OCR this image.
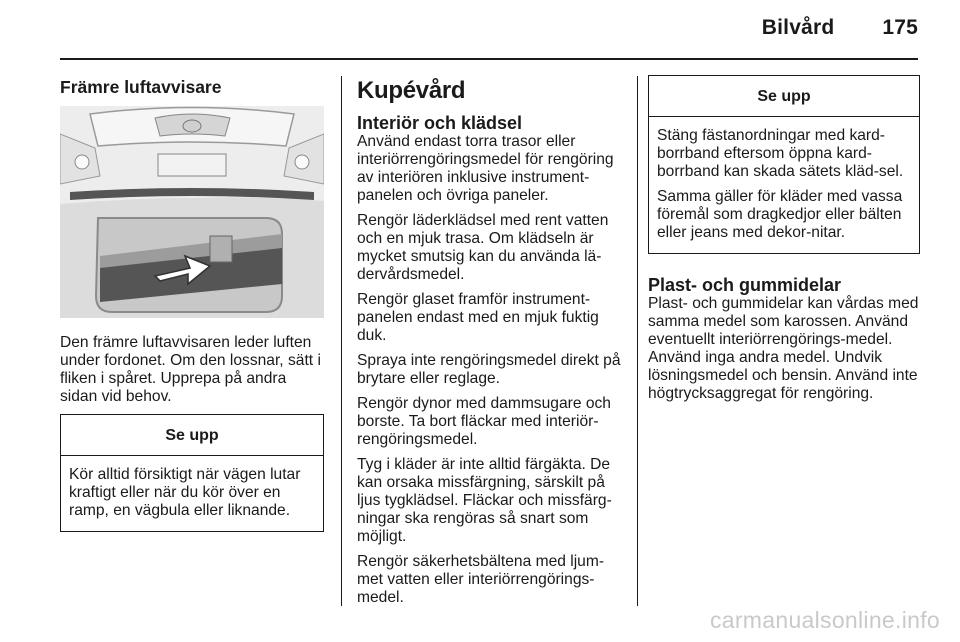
Bilvård 175
Främre luftavvisare

Den främre luftavvisaren leder luften under fordonet. Om den lossnar, sätt i fliken i spåret. Upprepa på andra sidan vid behov.

Se upp

Kör alltid försiktigt när vägen lutar kraftigt eller när du kör över en ramp, en vägbula eller liknande.

Kupévård
Interiör och klädsel

Använd endast torra trasor eller interiörrengöringsmedel för rengöring av interiören inklusive instrument-panelen och övriga paneler.

Rengör läderklädsel med rent vatten och en mjuk trasa. Om klädseln är mycket smutsig kan du använda lä-dervårdsmedel.

Rengör glaset framför instrument-panelen endast med en mjuk fuktig duk.

Spraya inte rengöringsmedel direkt på brytare eller reglage.

Rengör dynor med dammsugare och borste. Ta bort fläckar med interiör-rengöringsmedel.

Tyg i kläder är inte alltid färgäkta. De kan orsaka missfärgning, särskilt på ljus tygklädsel. Fläckar och missfärg-ningar ska rengöras så snart som möjligt.

Rengör säkerhetsbältena med ljum-met vatten eller interiörrengörings-medel.

Se upp

Stäng fästanordningar med kard-borrband eftersom öppna kard-borrband kan skada sätets kläd-sel.

Samma gäller för kläder med vassa föremål som dragkedjor eller bälten eller jeans med dekor-nitar.

Plast- och gummidelar

Plast- och gummidelar kan vårdas med samma medel som karossen. Använd eventuellt interiörrengörings-medel. Använd inga andra medel. Undvik lösningsmedel och bensin. Använd inte högtrycksaggregat för rengöring.

carmanualsonline.info
